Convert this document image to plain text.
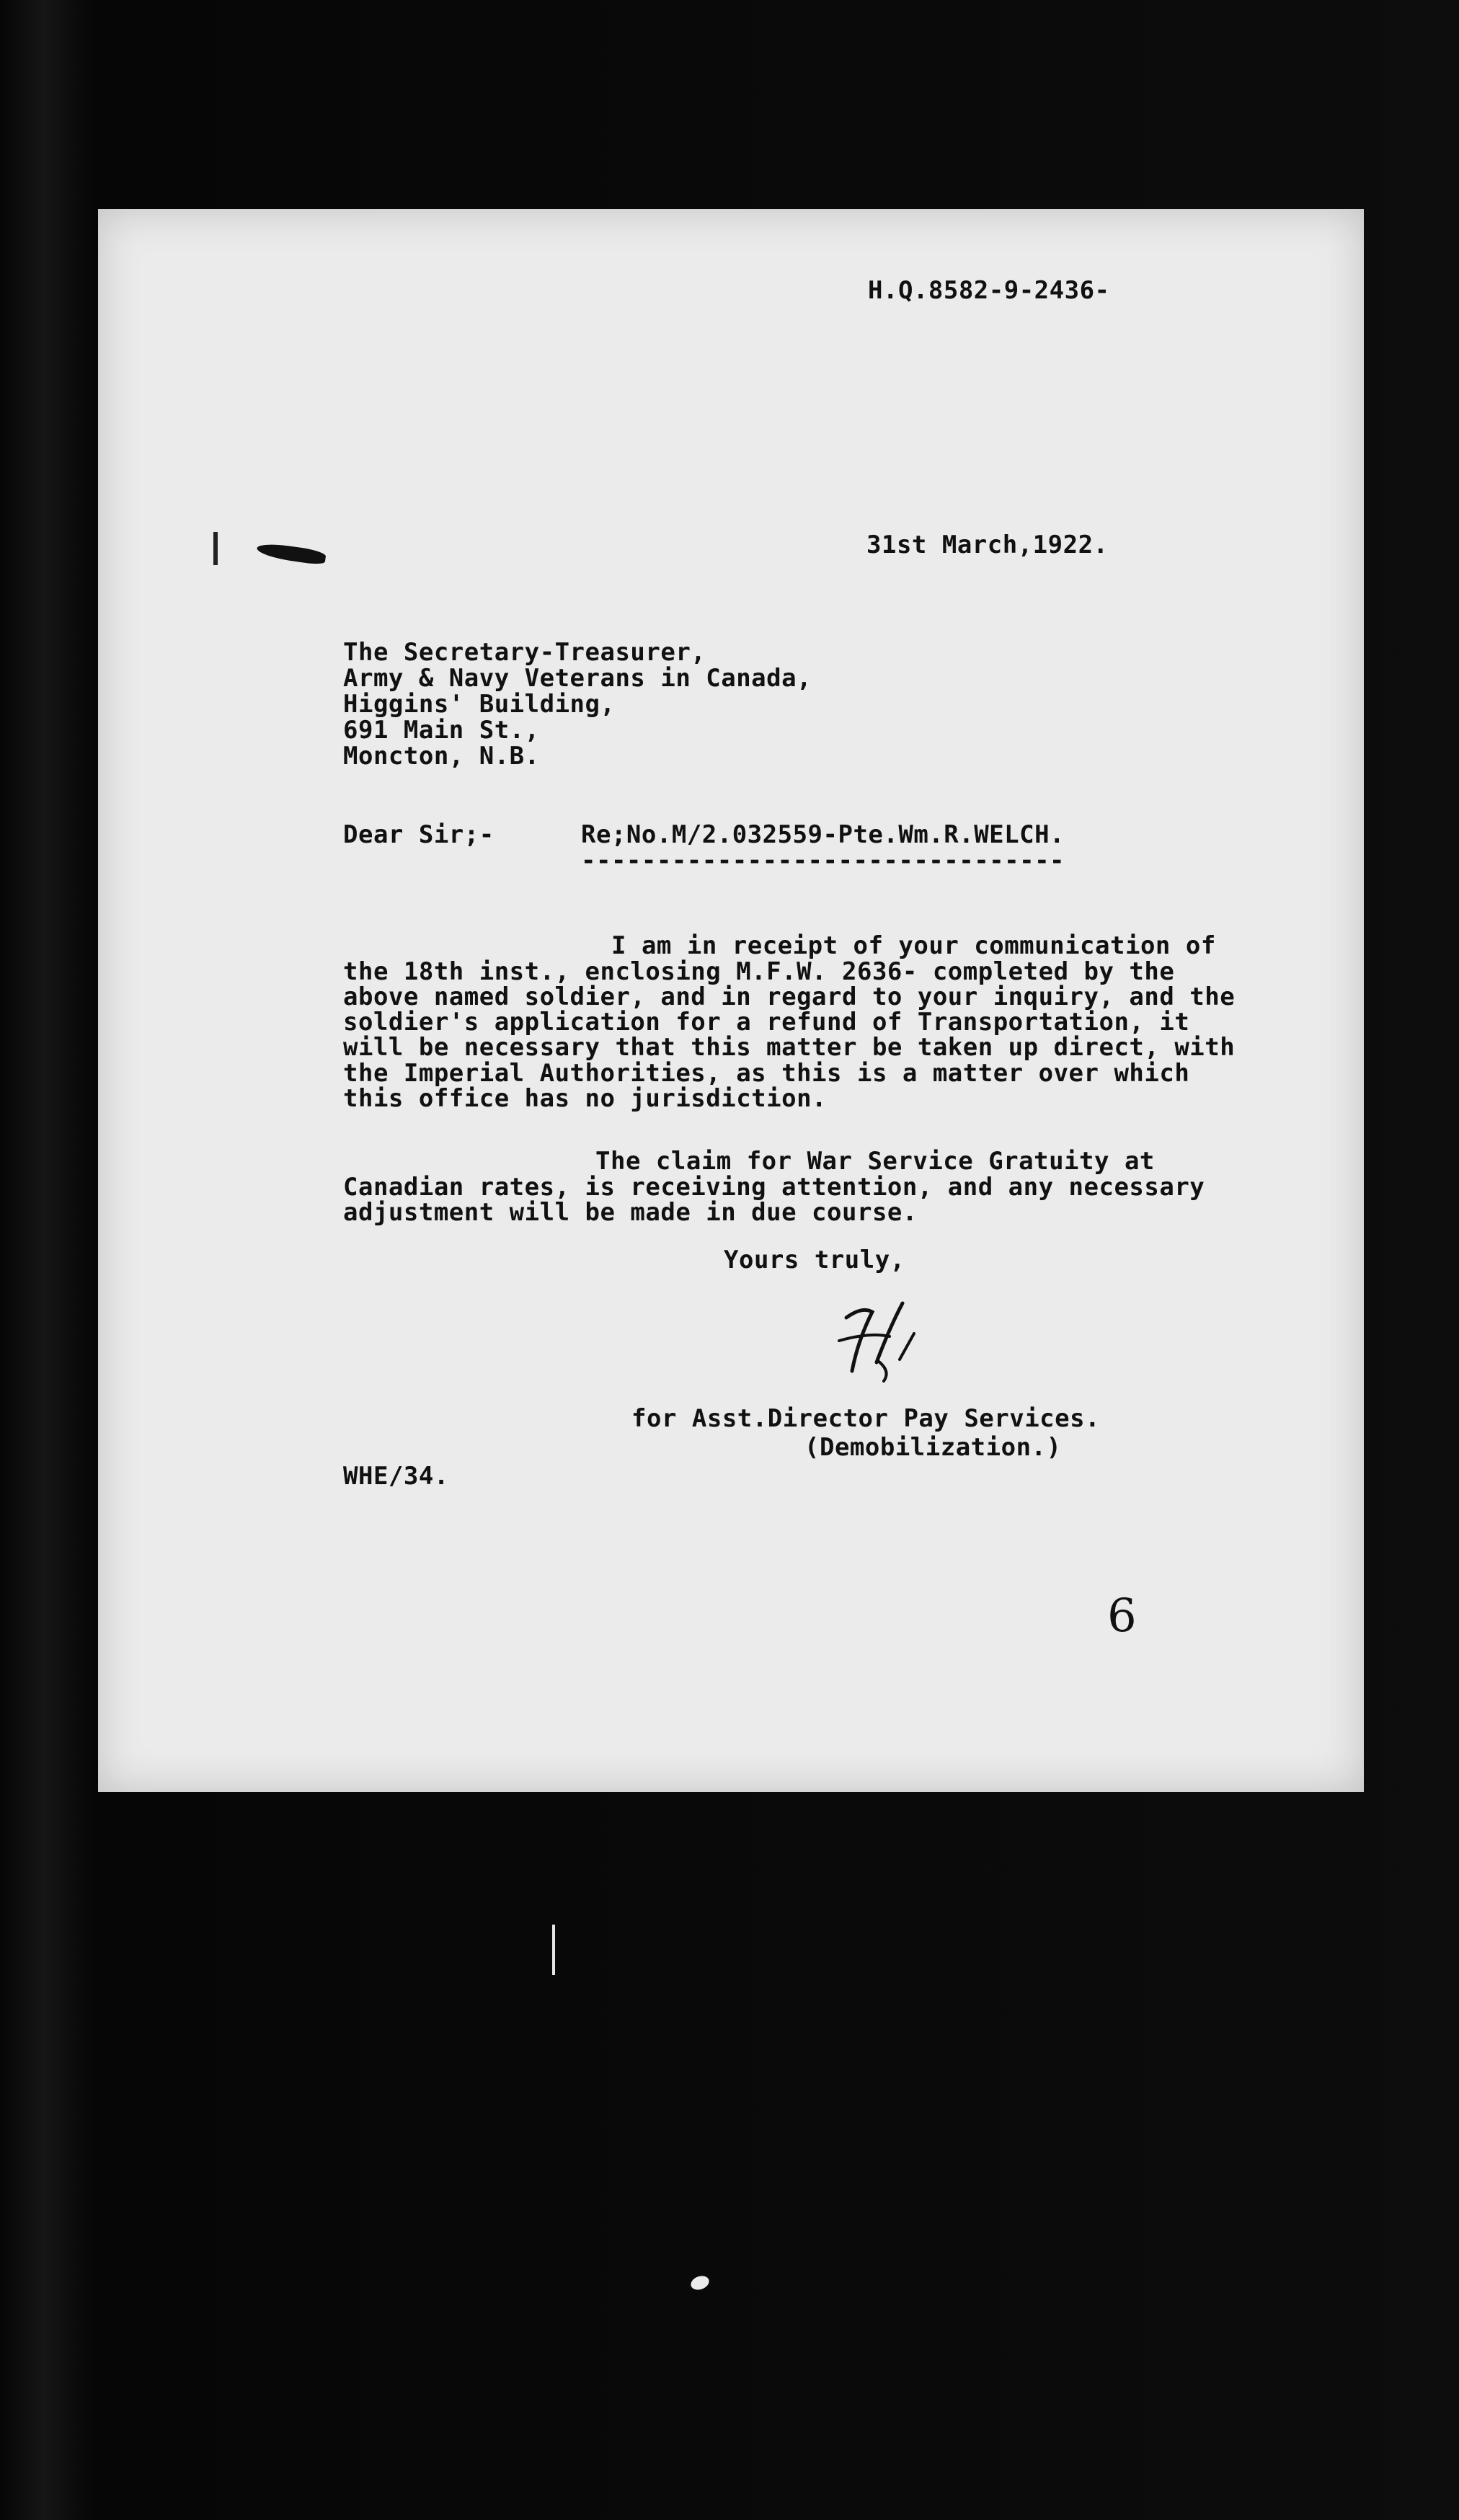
H.Q.8582-9-2436-
31st March,1922.
The Secretary-Treasurer,
Army & Navy Veterans in Canada,
Higgins' Building,
691 Main St.,
Moncton, N.B.
Dear Sir;-	Re;No.M/2.032559-Pte.Wm.R.WELCH.
--------------------------------
I am in receipt of your communication of
the 18th inst., enclosing M.F.W. 2636- completed by the
above named soldier, and in regard to your inquiry, and the
soldier's application for a refund of Transportation, it
will be necessary that this matter be taken up direct, with
the Imperial Authorities, as this is a matter over which
this office has no jurisdiction.
The claim for War Service Gratuity at
Canadian rates, is receiving attention, and any necessary
adjustment will be made in due course.
Yours truly,
for Asst.Director Pay Services.
(Demobilization.)
WHE/34.
6
